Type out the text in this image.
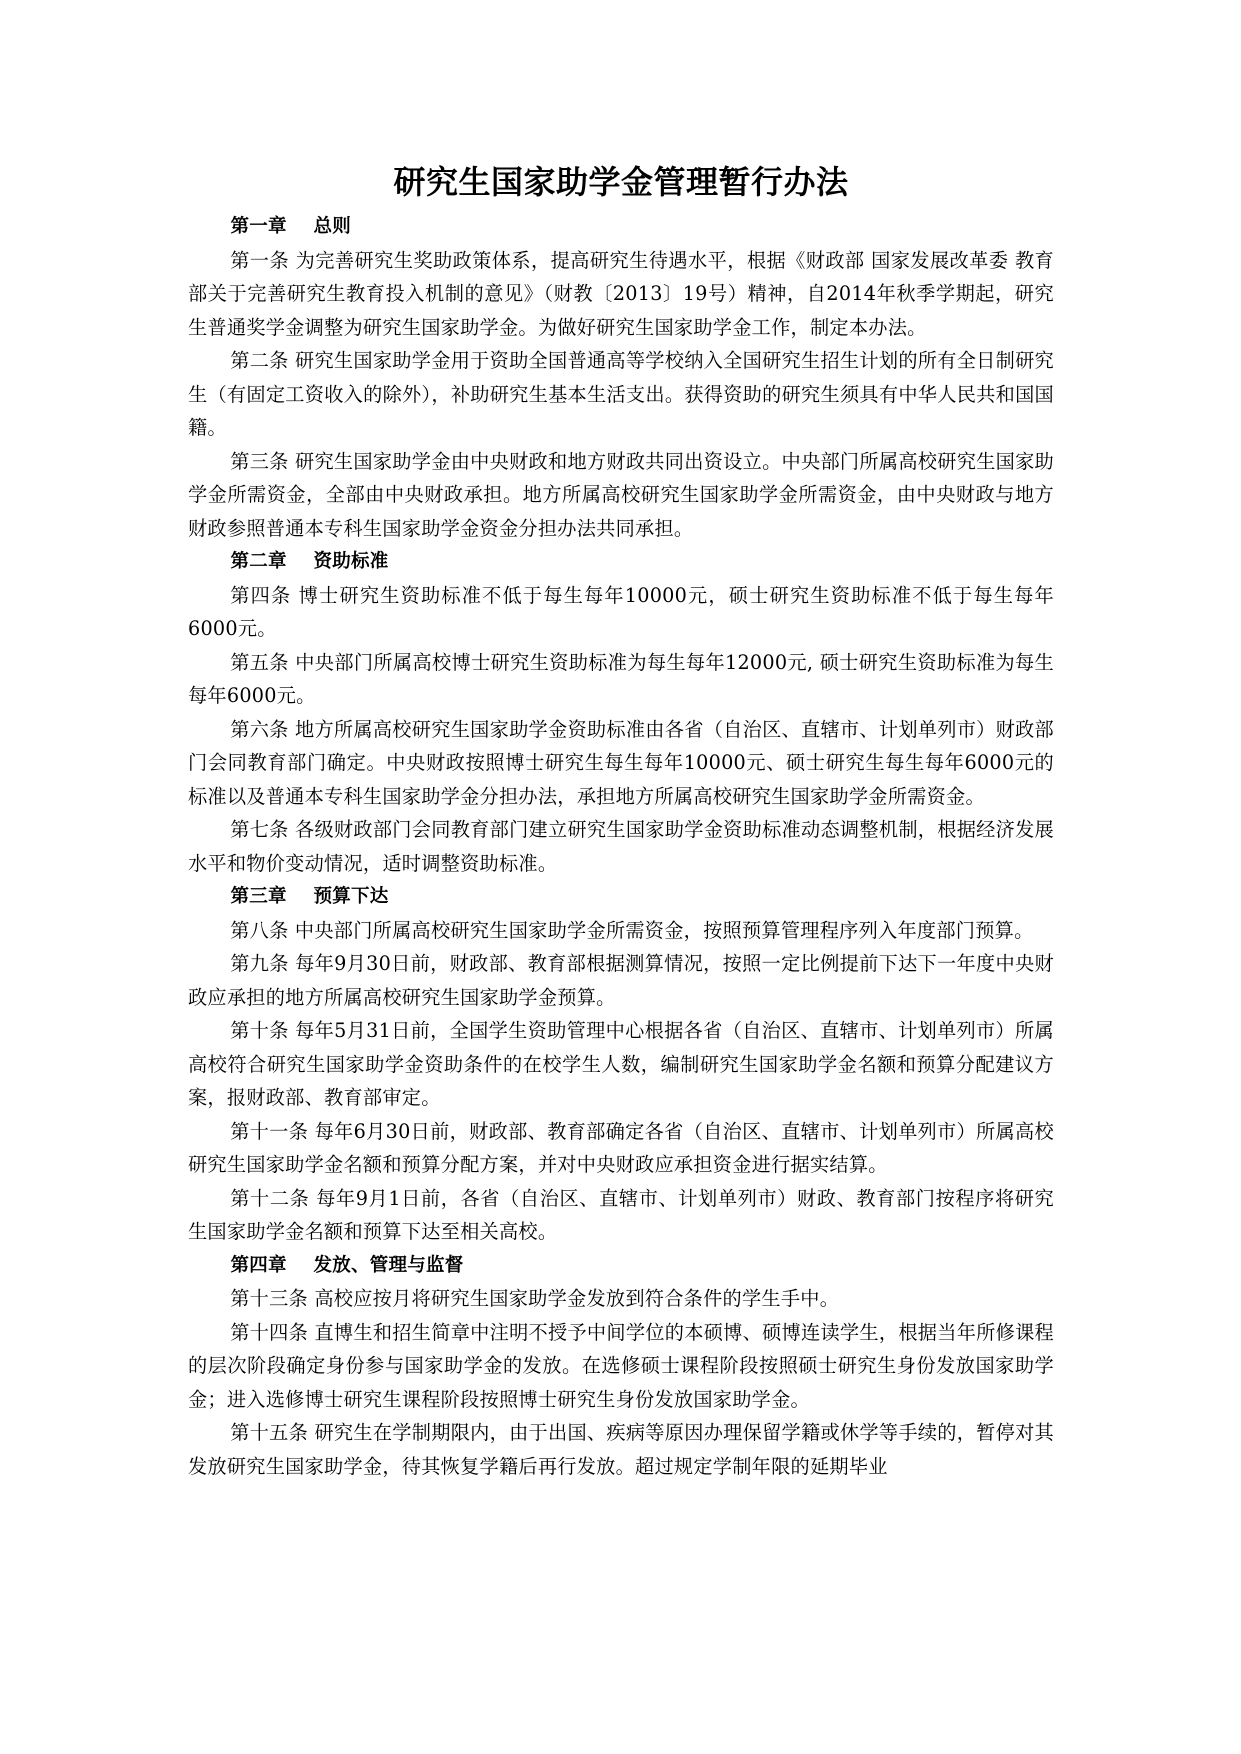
研究生国家助学金管理暂行办法
第一章    总则

第一条 为完善研究生奖助政策体系，提高研究生待遇水平，根据《财政部 国家发展改革委 教育部关于完善研究生教育投入机制的意见》（财教〔2013〕19号）精神，自2014年秋季学期起，研究生普通奖学金调整为研究生国家助学金。为做好研究生国家助学金工作，制定本办法。

第二条 研究生国家助学金用于资助全国普通高等学校纳入全国研究生招生计划的所有全日制研究生（有固定工资收入的除外），补助研究生基本生活支出。获得资助的研究生须具有中华人民共和国国籍。

第三条 研究生国家助学金由中央财政和地方财政共同出资设立。中央部门所属高校研究生国家助学金所需资金，全部由中央财政承担。地方所属高校研究生国家助学金所需资金，由中央财政与地方财政参照普通本专科生国家助学金资金分担办法共同承担。

第二章    资助标准

第四条 博士研究生资助标准不低于每生每年10000元，硕士研究生资助标准不低于每生每年6000元。

第五条 中央部门所属高校博士研究生资助标准为每生每年12000元, 硕士研究生资助标准为每生每年6000元。

第六条 地方所属高校研究生国家助学金资助标准由各省（自治区、直辖市、计划单列市）财政部门会同教育部门确定。中央财政按照博士研究生每生每年10000元、硕士研究生每生每年6000元的标准以及普通本专科生国家助学金分担办法，承担地方所属高校研究生国家助学金所需资金。

第七条 各级财政部门会同教育部门建立研究生国家助学金资助标准动态调整机制，根据经济发展水平和物价变动情况，适时调整资助标准。

第三章    预算下达

第八条 中央部门所属高校研究生国家助学金所需资金，按照预算管理程序列入年度部门预算。

第九条 每年9月30日前，财政部、教育部根据测算情况，按照一定比例提前下达下一年度中央财政应承担的地方所属高校研究生国家助学金预算。

第十条 每年5月31日前，全国学生资助管理中心根据各省（自治区、直辖市、计划单列市）所属高校符合研究生国家助学金资助条件的在校学生人数，编制研究生国家助学金名额和预算分配建议方案，报财政部、教育部审定。

第十一条 每年6月30日前，财政部、教育部确定各省（自治区、直辖市、计划单列市）所属高校研究生国家助学金名额和预算分配方案，并对中央财政应承担资金进行据实结算。

第十二条 每年9月1日前，各省（自治区、直辖市、计划单列市）财政、教育部门按程序将研究生国家助学金名额和预算下达至相关高校。

第四章    发放、管理与监督

第十三条 高校应按月将研究生国家助学金发放到符合条件的学生手中。

第十四条 直博生和招生简章中注明不授予中间学位的本硕博、硕博连读学生，根据当年所修课程的层次阶段确定身份参与国家助学金的发放。在选修硕士课程阶段按照硕士研究生身份发放国家助学金；进入选修博士研究生课程阶段按照博士研究生身份发放国家助学金。

第十五条 研究生在学制期限内，由于出国、疾病等原因办理保留学籍或休学等手续的，暂停对其发放研究生国家助学金，待其恢复学籍后再行发放。超过规定学制年限的延期毕业
